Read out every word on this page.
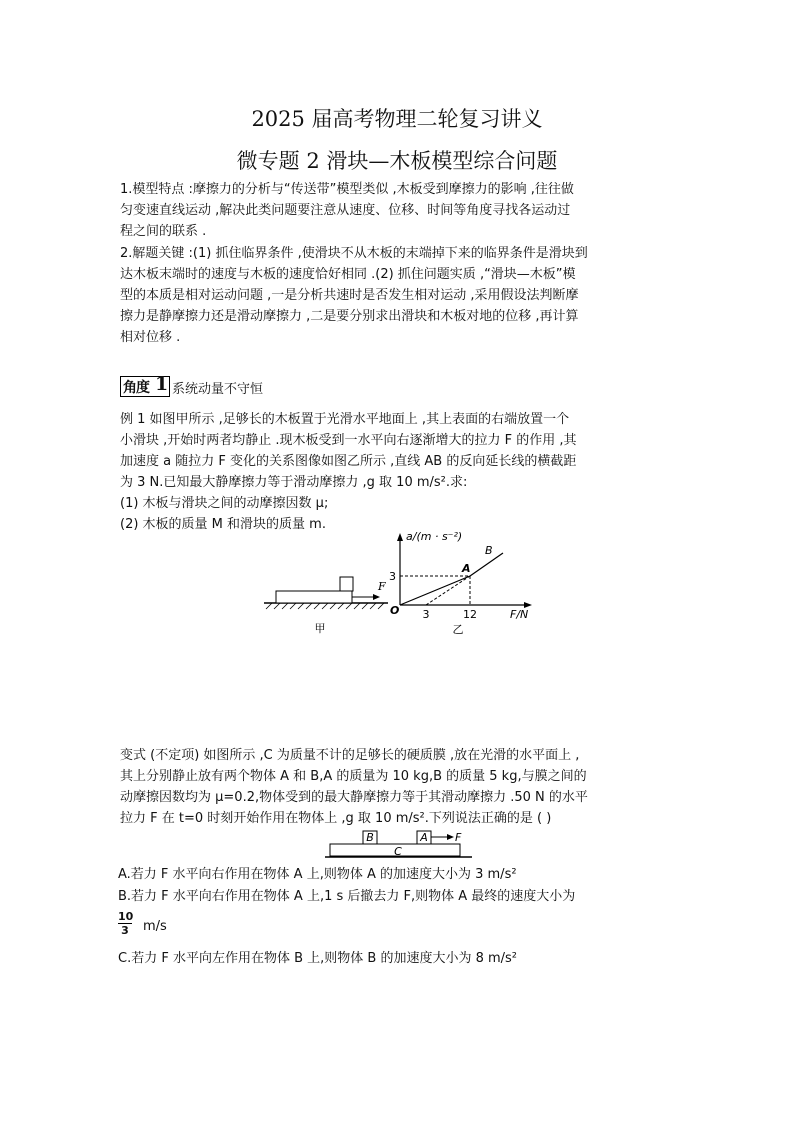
2025 届高考物理二轮复习讲义
微专题 2 滑块—木板模型综合问题
1.模型特点 :摩擦力的分析与“传送带”模型类似 ,木板受到摩擦力的影响 ,往往做
匀变速直线运动 ,解决此类问题要注意从速度、位移、时间等角度寻找各运动过
程之间的联系 .
2.解题关键 :(1) 抓住临界条件 ,使滑块不从木板的末端掉下来的临界条件是滑块到
达木板末端时的速度与木板的速度恰好相同 .(2) 抓住问题实质 ,“滑块—木板”模
型的本质是相对运动问题 ,一是分析共速时是否发生相对运动 ,采用假设法判断摩
擦力是静摩擦力还是滑动摩擦力 ,二是要分别求出滑块和木板对地的位移 ,再计算
相对位移 .
角度 1 系统动量不守恒
例 1 如图甲所示 ,足够长的木板置于光滑水平地面上 ,其上表面的右端放置一个
小滑块 ,开始时两者均静止 .现木板受到一水平向右逐渐增大的拉力 F 的作用 ,其
加速度 a 随拉力 F 变化的关系图像如图乙所示 ,直线 AB 的反向延长线的横截距
为 3 N.已知最大静摩擦力等于滑动摩擦力 ,g 取 10 m/s².求:
(1) 木板与滑块之间的动摩擦因数 μ;
(2) 木板的质量 M 和滑块的质量 m.
F
甲
a/(m · s⁻²)
F/N
O
3
3	12
A
B
乙
变式 (不定项) 如图所示 ,C 为质量不计的足够长的硬质膜 ,放在光滑的水平面上 ,
其上分别静止放有两个物体 A 和 B,A 的质量为 10 kg,B 的质量 5 kg,与膜之间的
动摩擦因数均为 μ=0.2,物体受到的最大静摩擦力等于其滑动摩擦力 .50 N 的水平
拉力 F 在 t=0 时刻开始作用在物体上 ,g 取 10 m/s².下列说法正确的是 ( )
B	A
C
F
A.若力 F 水平向右作用在物体 A 上,则物体 A 的加速度大小为 3 m/s²
B.若力 F 水平向右作用在物体 A 上,1 s 后撤去力 F,则物体 A 最终的速度大小为
$\frac{10}{3} m/s$
C.若力 F 水平向左作用在物体 B 上,则物体 B 的加速度大小为 8 m/s²
